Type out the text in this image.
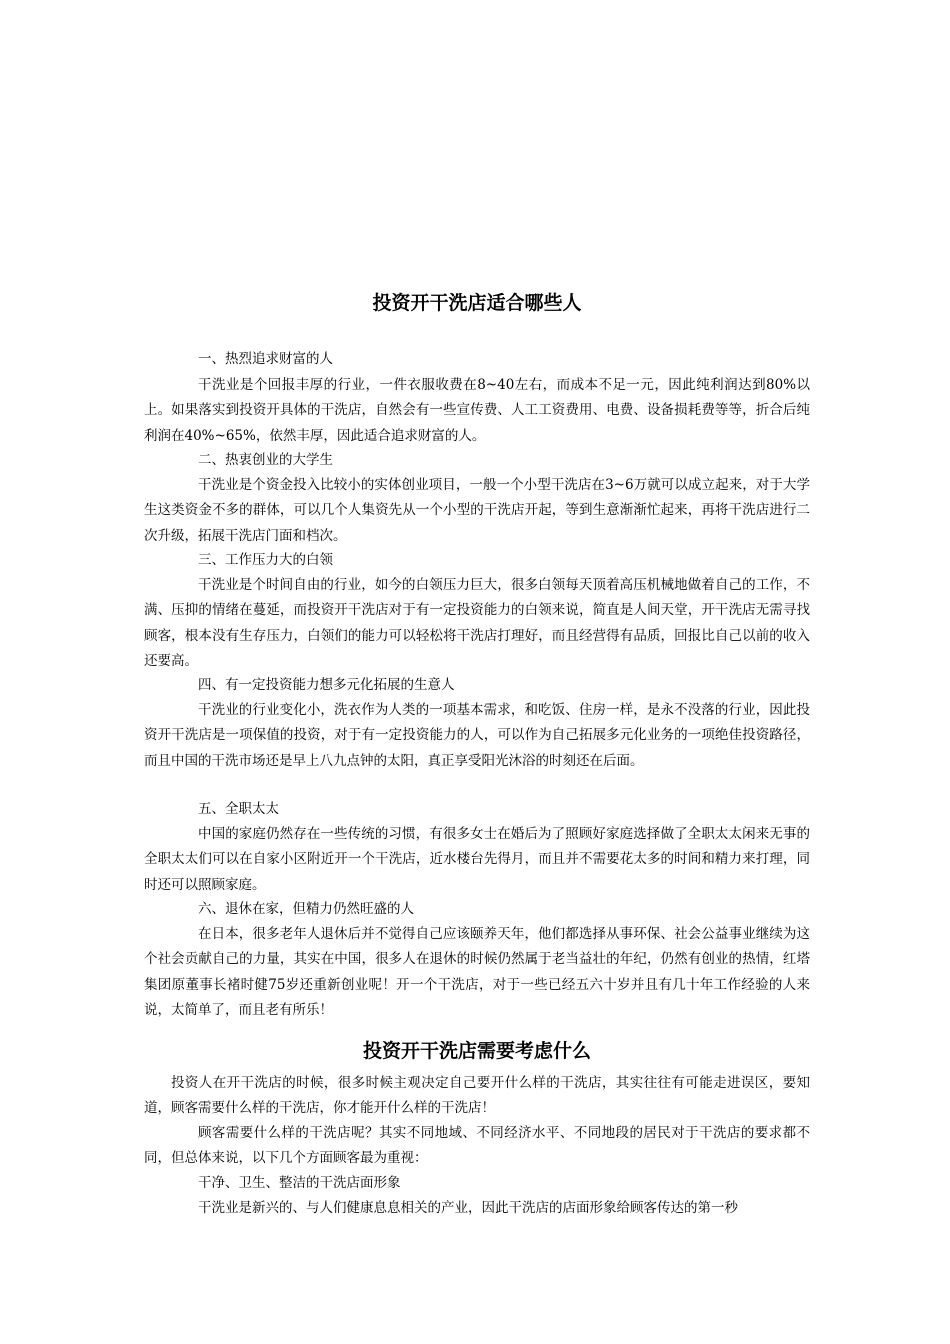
投资开干洗店适合哪些人

一、热烈追求财富的人

干洗业是个回报丰厚的行业，一件衣服收费在8~40左右，而成本不足一元，因此纯利润达到80%以上。如果落实到投资开具体的干洗店，自然会有一些宣传费、人工工资费用、电费、设备损耗费等等，折合后纯利润在40%~65%，依然丰厚，因此适合追求财富的人。

二、热衷创业的大学生

干洗业是个资金投入比较小的实体创业项目，一般一个小型干洗店在3~6万就可以成立起来，对于大学生这类资金不多的群体，可以几个人集资先从一个小型的干洗店开起，等到生意渐渐忙起来，再将干洗店进行二次升级，拓展干洗店门面和档次。

三、工作压力大的白领

干洗业是个时间自由的行业，如今的白领压力巨大，很多白领每天顶着高压机械地做着自己的工作，不满、压抑的情绪在蔓延，而投资开干洗店对于有一定投资能力的白领来说，简直是人间天堂，开干洗店无需寻找顾客，根本没有生存压力，白领们的能力可以轻松将干洗店打理好，而且经营得有品质，回报比自己以前的收入还要高。

四、有一定投资能力想多元化拓展的生意人

干洗业的行业变化小，洗衣作为人类的一项基本需求，和吃饭、住房一样，是永不没落的行业，因此投资开干洗店是一项保值的投资，对于有一定投资能力的人，可以作为自己拓展多元化业务的一项绝佳投资路径，而且中国的干洗市场还是早上八九点钟的太阳，真正享受阳光沐浴的时刻还在后面。

五、全职太太

中国的家庭仍然存在一些传统的习惯，有很多女士在婚后为了照顾好家庭选择做了全职太太闲来无事的全职太太们可以在自家小区附近开一个干洗店，近水楼台先得月，而且并不需要花太多的时间和精力来打理，同时还可以照顾家庭。

六、退休在家，但精力仍然旺盛的人

在日本，很多老年人退休后并不觉得自己应该颐养天年，他们都选择从事环保、社会公益事业继续为这个社会贡献自己的力量，其实在中国，很多人在退休的时候仍然属于老当益壮的年纪，仍然有创业的热情，红塔集团原董事长褚时健75岁还重新创业呢！开一个干洗店，对于一些已经五六十岁并且有几十年工作经验的人来说，太简单了，而且老有所乐！

投资开干洗店需要考虑什么

投资人在开干洗店的时候，很多时候主观决定自己要开什么样的干洗店，其实往往有可能走进误区，要知道，顾客需要什么样的干洗店，你才能开什么样的干洗店！

顾客需要什么样的干洗店呢？其实不同地域、不同经济水平、不同地段的居民对于干洗店的要求都不同，但总体来说，以下几个方面顾客最为重视：

干净、卫生、整洁的干洗店面形象

干洗业是新兴的、与人们健康息息相关的产业，因此干洗店的店面形象给顾客传达的第一秒
